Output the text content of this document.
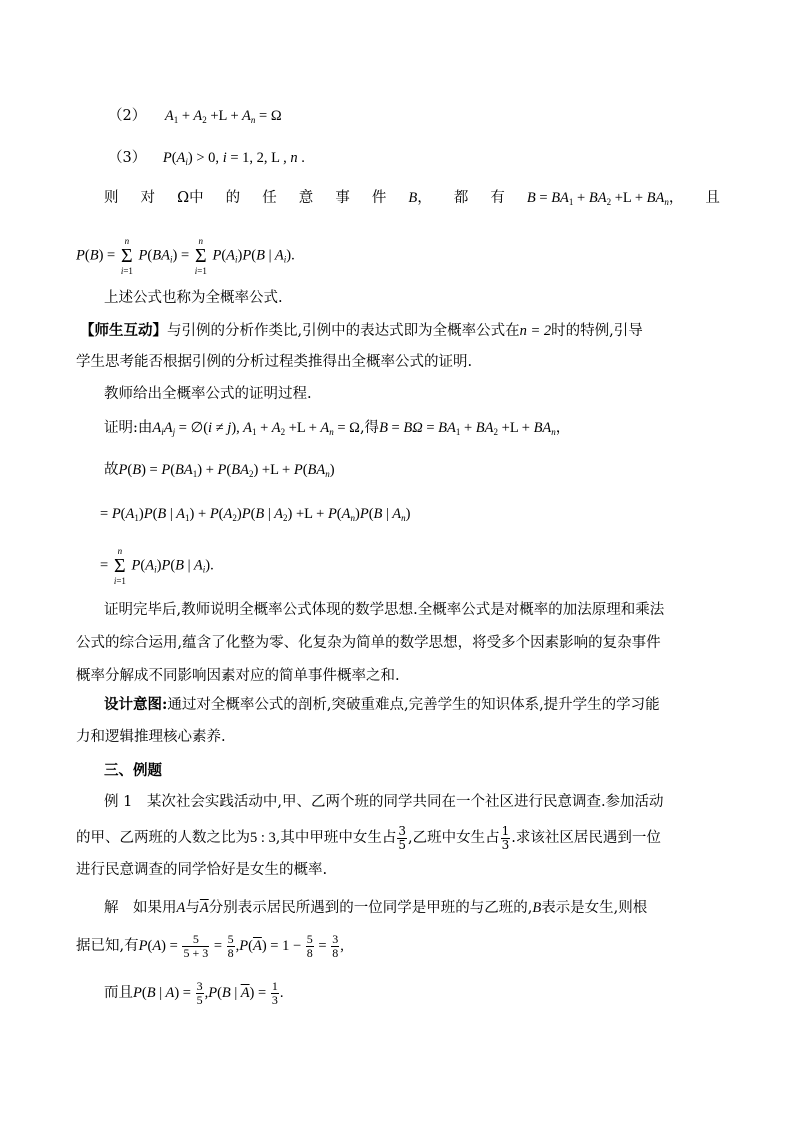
（2） $A_1 + A_2 +L + A_n = \Omega$
（3） $P(A_i) > 0$, i = 1, 2, L , n .
则 对 Ω中 的 任 意 事 件 B， 都 有 $B = BA_1 + BA_2 +L + BA_n$， 且
P(B) =
n
Σ
i=1
$P(BA_i)$ =
n
Σ
i=1
$P(A_i)P(B$ | $A_i$).
上述公式也称为全概率公式.
【师生互动】与引例的分析作类比,引例中的表达式即为全概率公式在n = 2时的特例,引导
学生思考能否根据引例的分析过程类推得出全概率公式的证明.
教师给出全概率公式的证明过程.
证明:由$A_iA_j$ = ∅(i ≠ j), $A_1 + A_2 +L + A_n = \Omega$,得$B = B\Omega = BA_1 + BA_2 +L + BA_n$，
故$P(B) = P(BA_1) + P(BA_2) +L + P(BA_n)$
= $P(A_1)P(B$ | $A_1) + P(A_2)P(B$ | $A_2) +L + P(A_n)P(B$ | $A_n$)
=
n
Σ
i=1
$P(A_i)P(B$ | $A_i$).
证明完毕后,教师说明全概率公式体现的数学思想.全概率公式是对概率的加法原理和乘法
公式的综合运用,蕴含了化整为零、化复杂为简单的数学思想，将受多个因素影响的复杂事件
概率分解成不同影响因素对应的简单事件概率之和.
设计意图:通过对全概率公式的剖析,突破重难点,完善学生的知识体系,提升学生的学习能
力和逻辑推理核心素养.
三、例题
例 1　某次社会实践活动中,甲、乙两个班的同学共同在一个社区进行民意调查.参加活动
的甲、乙两班的人数之比为5 : 3,其中甲班中女生占 $\frac{3}{5}$ ,乙班中女生占 $\frac{1}{3}$ .求该社区居民遇到一位
进行民意调查的同学恰好是女生的概率.
解　如果用A与$\overline{A}$分别表示居民所遇到的一位同学是甲班的与乙班的,B表示是女生,则根
据已知,有$P(A) = \frac{5}{5 + 3} = \frac{5}{8} ,P(\overline{A}) = 1 - \frac{5}{8} = \frac{3}{8}$ ,
而且P(B | $A) = \frac{3}{5} ,P(B$ | $\overline{A}) = \frac{1}{3}$ .
